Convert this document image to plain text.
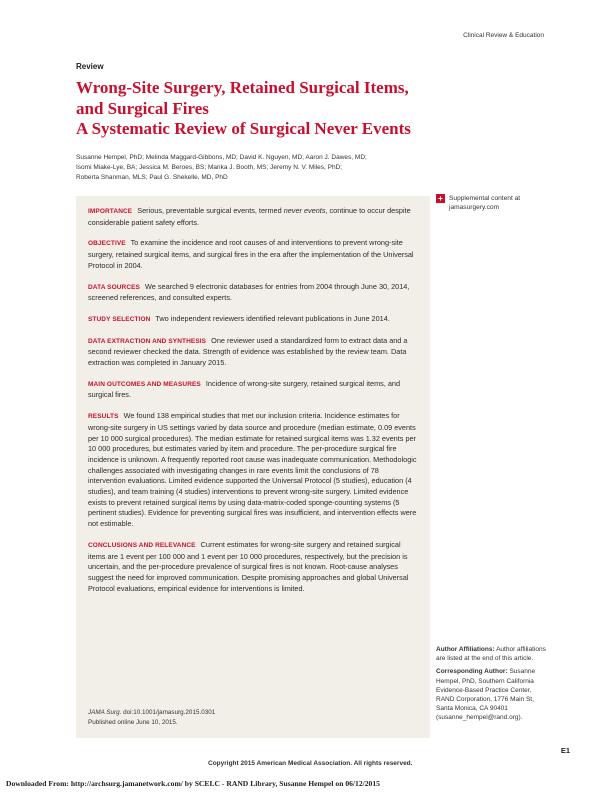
Clinical Review & Education
Review
Wrong-Site Surgery, Retained Surgical Items,
and Surgical Fires
A Systematic Review of Surgical Never Events
Susanne Hempel, PhD; Melinda Maggard-Gibbons, MD; David K. Nguyen, MD; Aaron J. Dawes, MD;
Isomi Miake-Lye, BA; Jessica M. Beroes, BS; Marika J. Booth, MS; Jeremy N. V. Miles, PhD;
Roberta Shanman, MLS; Paul G. Shekelle, MD, PhD

IMPORTANCE Serious, preventable surgical events, termed never events, continue to occur despite considerable patient safety efforts.

OBJECTIVE To examine the incidence and root causes of and interventions to prevent wrong-site surgery, retained surgical items, and surgical fires in the era after the implementation of the Universal Protocol in 2004.

DATA SOURCES We searched 9 electronic databases for entries from 2004 through June 30, 2014, screened references, and consulted experts.

STUDY SELECTION Two independent reviewers identified relevant publications in June 2014.

DATA EXTRACTION AND SYNTHESIS One reviewer used a standardized form to extract data and a second reviewer checked the data. Strength of evidence was established by the review team. Data extraction was completed in January 2015.

MAIN OUTCOMES AND MEASURES Incidence of wrong-site surgery, retained surgical items, and surgical fires.

RESULTS We found 138 empirical studies that met our inclusion criteria. Incidence estimates for wrong-site surgery in US settings varied by data source and procedure (median estimate, 0.09 events per 10 000 surgical procedures). The median estimate for retained surgical items was 1.32 events per 10 000 procedures, but estimates varied by item and procedure. The per-procedure surgical fire incidence is unknown. A frequently reported root cause was inadequate communication. Methodologic challenges associated with investigating changes in rare events limit the conclusions of 78 intervention evaluations. Limited evidence supported the Universal Protocol (5 studies), education (4 studies), and team training (4 studies) interventions to prevent wrong-site surgery. Limited evidence exists to prevent retained surgical items by using data-matrix-coded sponge-counting systems (5 pertinent studies). Evidence for preventing surgical fires was insufficient, and intervention effects were not estimable.

CONCLUSIONS AND RELEVANCE Current estimates for wrong-site surgery and retained surgical items are 1 event per 100 000 and 1 event per 10 000 procedures, respectively, but the precision is uncertain, and the per-procedure prevalence of surgical fires is not known. Root-cause analyses suggest the need for improved communication. Despite promising approaches and global Universal Protocol evaluations, empirical evidence for interventions is limited.

JAMA Surg. doi:10.1001/jamasurg.2015.0301
Published online June 10, 2015.
+ Supplemental content at jamasurgery.com

Author Affiliations: Author affiliations are listed at the end of this article.

Corresponding Author: Susanne Hempel, PhD, Southern California Evidence-Based Practice Center, RAND Corporation, 1776 Main St, Santa Monica, CA 90401 (susanne_hempel@rand.org).

E1
Copyright 2015 American Medical Association. All rights reserved.
Downloaded From: http://archsurg.jamanetwork.com/ by SCELC - RAND Library, Susanne Hempel on 06/12/2015
